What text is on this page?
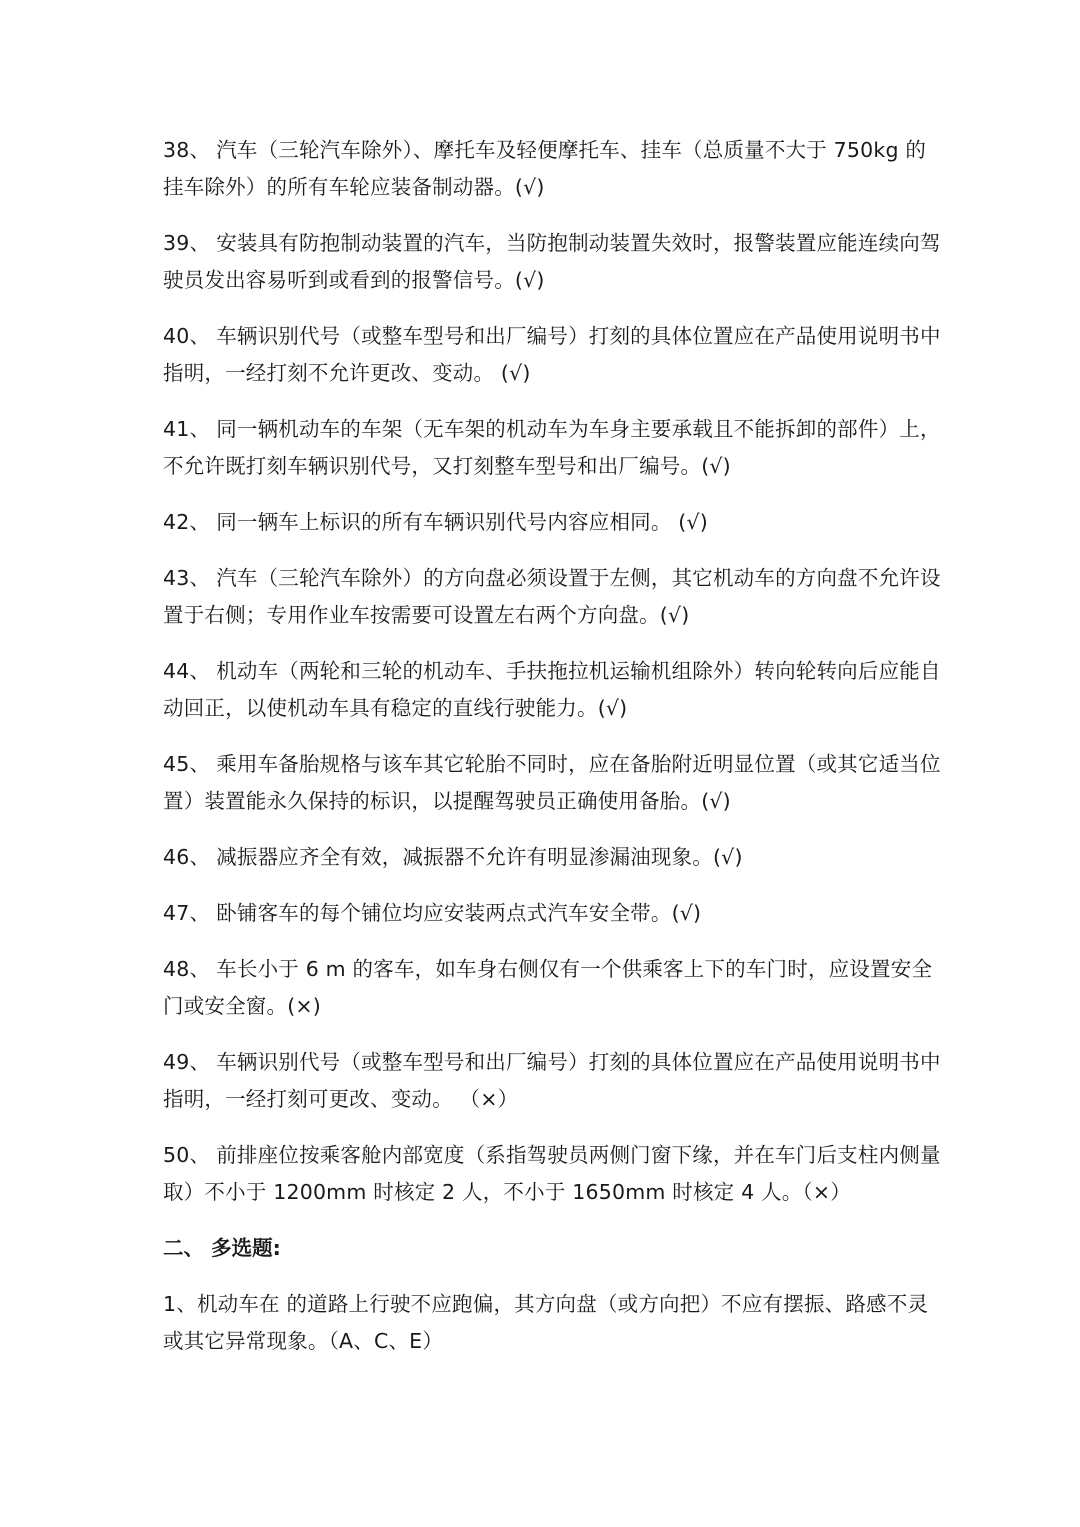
38、 汽车（三轮汽车除外）、摩托车及轻便摩托车、挂车（总质量不大于 750kg 的挂车除外）的所有车轮应装备制动器。(√)
39、 安装具有防抱制动装置的汽车，当防抱制动装置失效时，报警装置应能连续向驾驶员发出容易听到或看到的报警信号。(√)
40、 车辆识别代号（或整车型号和出厂编号）打刻的具体位置应在产品使用说明书中指明，一经打刻不允许更改、变动。 (√)
41、 同一辆机动车的车架（无车架的机动车为车身主要承载且不能拆卸的部件）上，不允许既打刻车辆识别代号，又打刻整车型号和出厂编号。(√)
42、 同一辆车上标识的所有车辆识别代号内容应相同。 (√)
43、 汽车（三轮汽车除外）的方向盘必须设置于左侧，其它机动车的方向盘不允许设置于右侧；专用作业车按需要可设置左右两个方向盘。(√)
44、 机动车（两轮和三轮的机动车、手扶拖拉机运输机组除外）转向轮转向后应能自动回正，以使机动车具有稳定的直线行驶能力。(√)
45、 乘用车备胎规格与该车其它轮胎不同时，应在备胎附近明显位置（或其它适当位置）装置能永久保持的标识，以提醒驾驶员正确使用备胎。(√)
46、 减振器应齐全有效，减振器不允许有明显渗漏油现象。(√)
47、 卧铺客车的每个铺位均应安装两点式汽车安全带。(√)
48、 车长小于 6 m 的客车，如车身右侧仅有一个供乘客上下的车门时，应设置安全门或安全窗。(×)
49、 车辆识别代号（或整车型号和出厂编号）打刻的具体位置应在产品使用说明书中指明，一经打刻可更改、变动。 （×）
50、 前排座位按乘客舱内部宽度（系指驾驶员两侧门窗下缘，并在车门后支柱内侧量取）不小于 1200mm 时核定 2 人，不小于 1650mm 时核定 4 人。（×）
二、 多选题:
1、机动车在 的道路上行驶不应跑偏，其方向盘（或方向把）不应有摆振、路感不灵或其它异常现象。（A、C、E）
